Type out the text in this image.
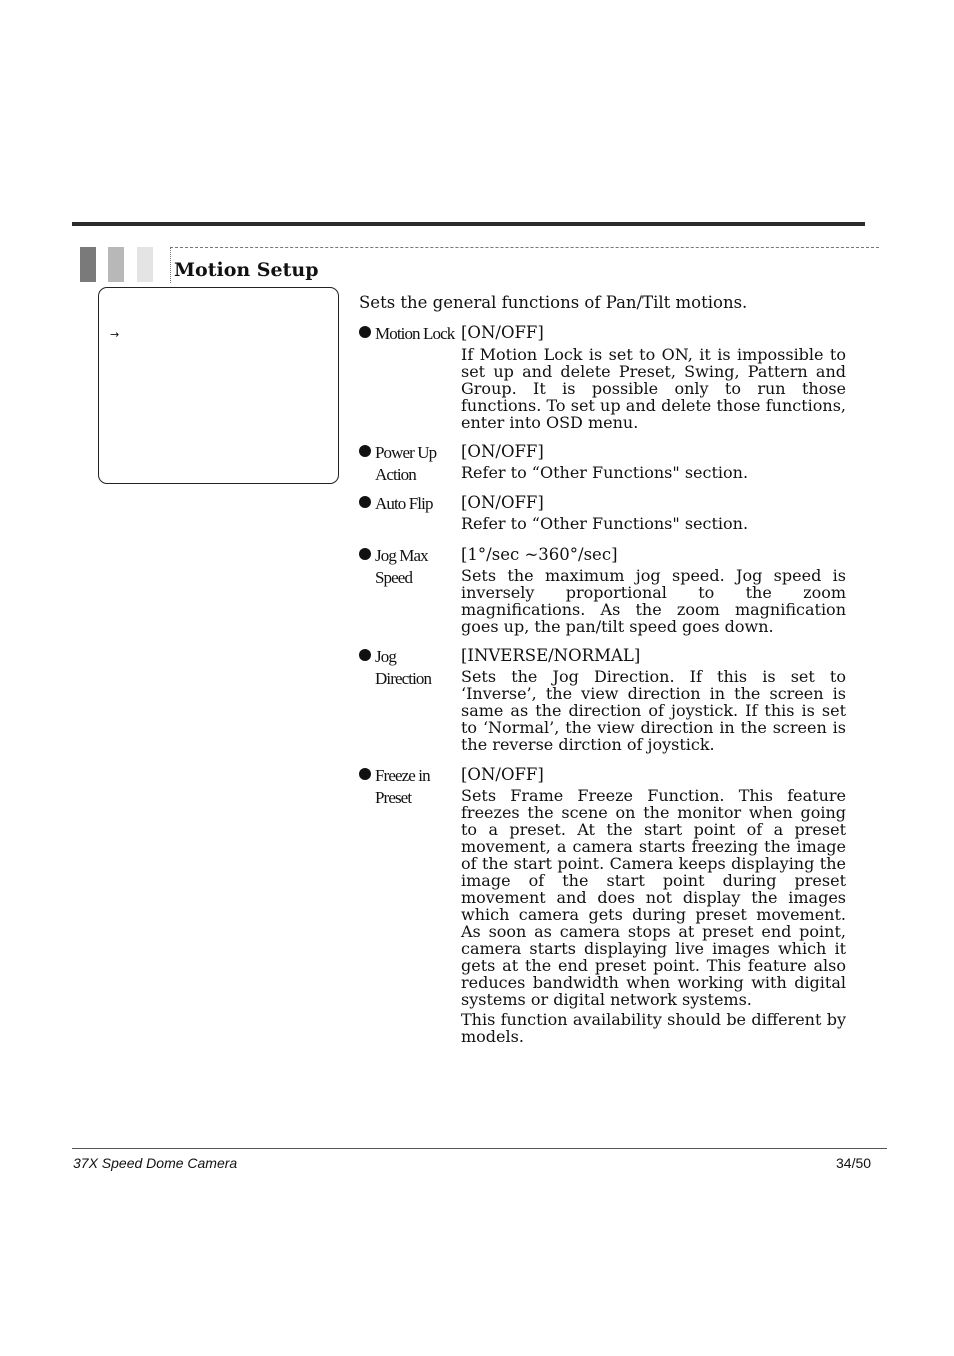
Motion Setup
→
Sets the general functions of Pan/Tilt motions.
Motion Lock [ON/OFF]

If Motion Lock is set to ON, it is impossible to set up and delete Preset, Swing, Pattern and Group. It is possible only to run those functions. To set up and delete those functions, enter into OSD menu.

Power Up Action
[ON/OFF]

Refer to “Other Functions" section.

Auto Flip	[ON/OFF]

Refer to “Other Functions" section.

Jog Max Speed
[1°/sec ~360°/sec]

Sets the maximum jog speed. Jog speed is inversely proportional to the zoom magnifications. As the zoom magnification goes up, the pan/tilt speed goes down.

Jog Direction
[INVERSE/NORMAL]

Sets the Jog Direction. If this is set to ‘Inverse’, the view direction in the screen is same as the direction of joystick. If this is set to ‘Normal’, the view direction in the screen is the reverse dirction of joystick.

Freeze in Preset
[ON/OFF]

Sets Frame Freeze Function. This feature freezes the scene on the monitor when going to a preset. At the start point of a preset movement, a camera starts freezing the image of the start point. Camera keeps displaying the image of the start point during preset movement and does not display the images which camera gets during preset movement. As soon as camera stops at preset end point, camera starts displaying live images which it gets at the end preset point. This feature also reduces bandwidth when working with digital systems or digital network systems.

This function availability should be different by models.

37X Speed Dome Camera	34/50
